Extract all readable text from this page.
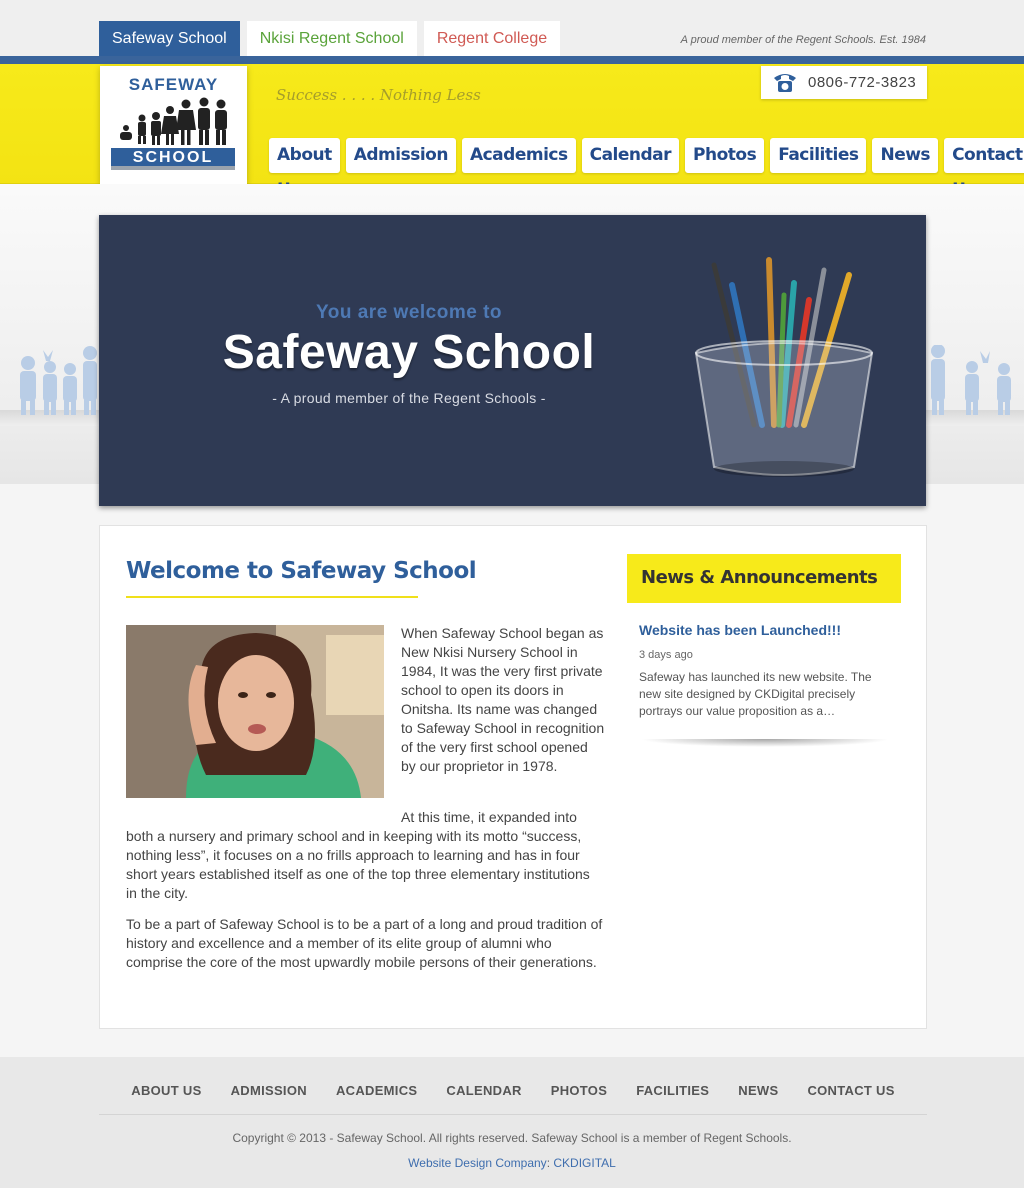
Safeway School	Nkisi Regent School	Regent College	A proud member of the Regent Schools. Est. 1984
SAFEWAY
SCHOOL
Success . . . . Nothing Less
0806-772-3823
About	Admission	Academics	Calendar	Photos	Facilities	News	Contact
You are welcome to
Safeway School
- A proud member of the Regent Schools -
Welcome to Safeway School

When Safeway School began as New Nkisi Nursery School in 1984, It was the very first private school to open its doors in Onitsha. Its name was changed to Safeway School in recognition of the very first school opened by our proprietor in 1978.

At this time, it expanded into both a nursery and primary school and in keeping with its motto “success, nothing less”, it focuses on a no frills approach to learning and has in four short years established itself as one of the top three elementary institutions in the city.

To be a part of Safeway School is to be a part of a long and proud tradition of history and excellence and a member of its elite group of alumni who comprise the core of the most upwardly mobile persons of their generations.

News & Announcements
Website has been Launched!!!
3 days ago
Safeway has launched its new website. The new site designed by CKDigital precisely portrays our value proposition as a…
ABOUT US ADMISSION ACADEMICS CALENDAR PHOTOS FACILITIES NEWS CONTACT US
Copyright © 2013 - Safeway School. All rights reserved. Safeway School is a member of Regent Schools.
Website Design Company: CKDIGITAL
